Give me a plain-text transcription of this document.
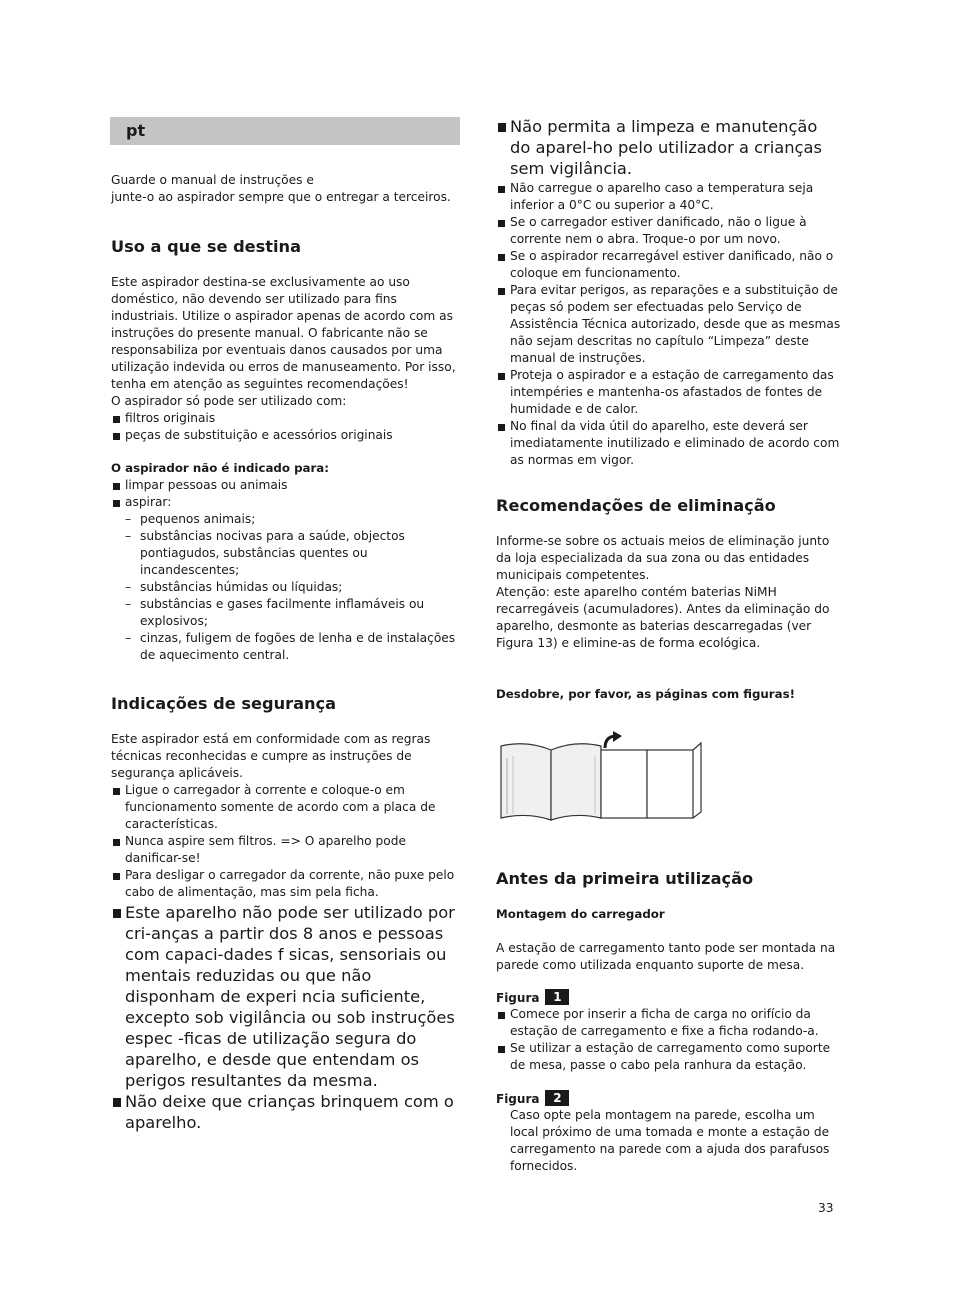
pt
Guarde o manual de instruções e
junte-o ao aspirador sempre que o entregar a terceiros.
Uso a que se destina

Este aspirador destina-se exclusivamente ao uso doméstico, não devendo ser utilizado para fins industriais. Utilize o aspirador apenas de acordo com as instruções do presente manual. O fabricante não se responsabiliza por eventuais danos causados por uma utilização indevida ou erros de manuseamento. Por isso, tenha em atenção as seguintes recomendações!

O aspirador só pode ser utilizado com:

filtros originais
peças de substituição e acessórios originais

O aspirador não é indicado para:

limpar pessoas ou animais
aspirar:
– pequenos animais;
– substâncias nocivas para a saúde, objectos pontiagudos, substâncias quentes ou incandescentes;
– substâncias húmidas ou líquidas;
– substâncias e gases facilmente inflamáveis ou explosivos;
– cinzas, fuligem de fogões de lenha e de instalações de aquecimento central.
Indicações de segurança

Este aspirador está em conformidade com as regras técnicas reconhecidas e cumpre as instruções de segurança aplicáveis.

Ligue o carregador à corrente e coloque-o em funcionamento somente de acordo com a placa de características.
Nunca aspire sem filtros. => O aparelho pode danificar-se!
Para desligar o carregador da corrente, não puxe pelo cabo de alimentação, mas sim pela ficha.
Este aparelho não pode ser utilizado por cri-anças a partir dos 8 anos e pessoas com capaci-dades f sicas, sensoriais ou mentais reduzidas ou que não disponham de experi ncia suficiente, excepto sob vigilância ou sob instruções espec -ficas de utilização segura do aparelho, e desde que entendam os perigos resultantes da mesma.
Não deixe que crianças brinquem com o aparelho.
Não permita a limpeza e manutenção do aparel-ho pelo utilizador a crianças sem vigilância.
Não carregue o aparelho caso a temperatura seja inferior a 0°C ou superior a 40°C.
Se o carregador estiver danificado, não o ligue à corrente nem o abra. Troque-o por um novo.
Se o aspirador recarregável estiver danificado, não o coloque em funcionamento.
Para evitar perigos, as reparações e a substituição de peças só podem ser efectuadas pelo Serviço de Assistência Técnica autorizado, desde que as mesmas não sejam descritas no capítulo “Limpeza” deste manual de instruções.
Proteja o aspirador e a estação de carregamento das intempéries e mantenha-os afastados de fontes de humidade e de calor.
No final da vida útil do aparelho, este deverá ser imediatamente inutilizado e eliminado de acordo com as normas em vigor.
Recomendações de eliminação

Informe-se sobre os actuais meios de eliminação junto da loja especializada da sua zona ou das entidades municipais competentes.

Atenção: este aparelho contém baterias NiMH recarregáveis (acumuladores). Antes da eliminação do aparelho, desmonte as baterias descarregadas (ver Figura 13) e elimine-as de forma ecológica.

Desdobre, por favor, as páginas com figuras!

Antes da primeira utilização

Montagem do carregador

A estação de carregamento tanto pode ser montada na parede como utilizada enquanto suporte de mesa.

Figura 1
Comece por inserir a ficha de carga no orifício da estação de carregamento e fixe a ficha rodando-a.
Se utilizar a estação de carregamento como suporte de mesa, passe o cabo pela ranhura da estação.
Figura 2

Caso opte pela montagem na parede, escolha um local próximo de uma tomada e monte a estação de carregamento na parede com a ajuda dos parafusos fornecidos.

33
